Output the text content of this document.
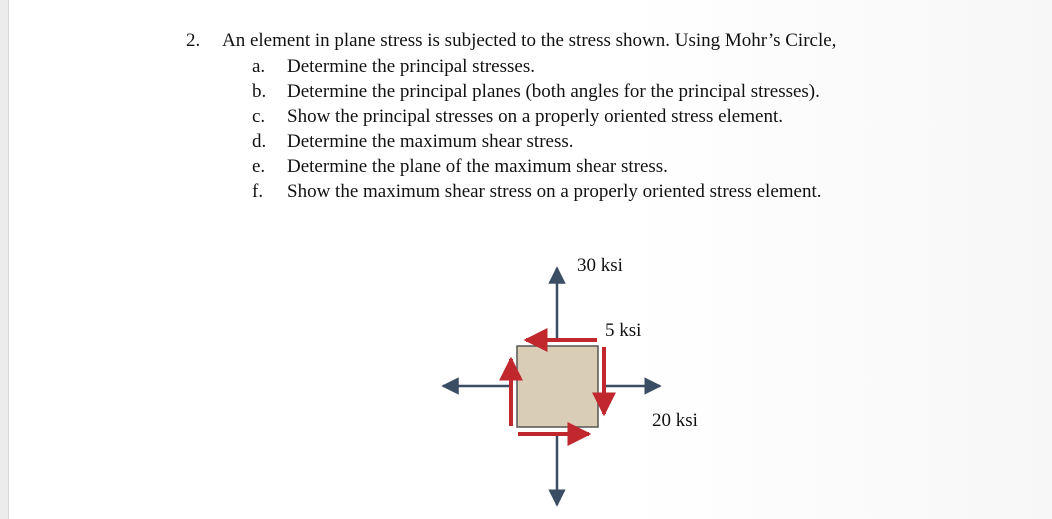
2. An element in plane stress is subjected to the stress shown. Using Mohr’s Circle,
a. Determine the principal stresses.
b. Determine the principal planes (both angles for the principal stresses).
c. Show the principal stresses on a properly oriented stress element.
d. Determine the maximum shear stress.
e. Determine the plane of the maximum shear stress.
f. Show the maximum shear stress on a properly oriented stress element.
30 ksi
5 ksi
20 ksi
